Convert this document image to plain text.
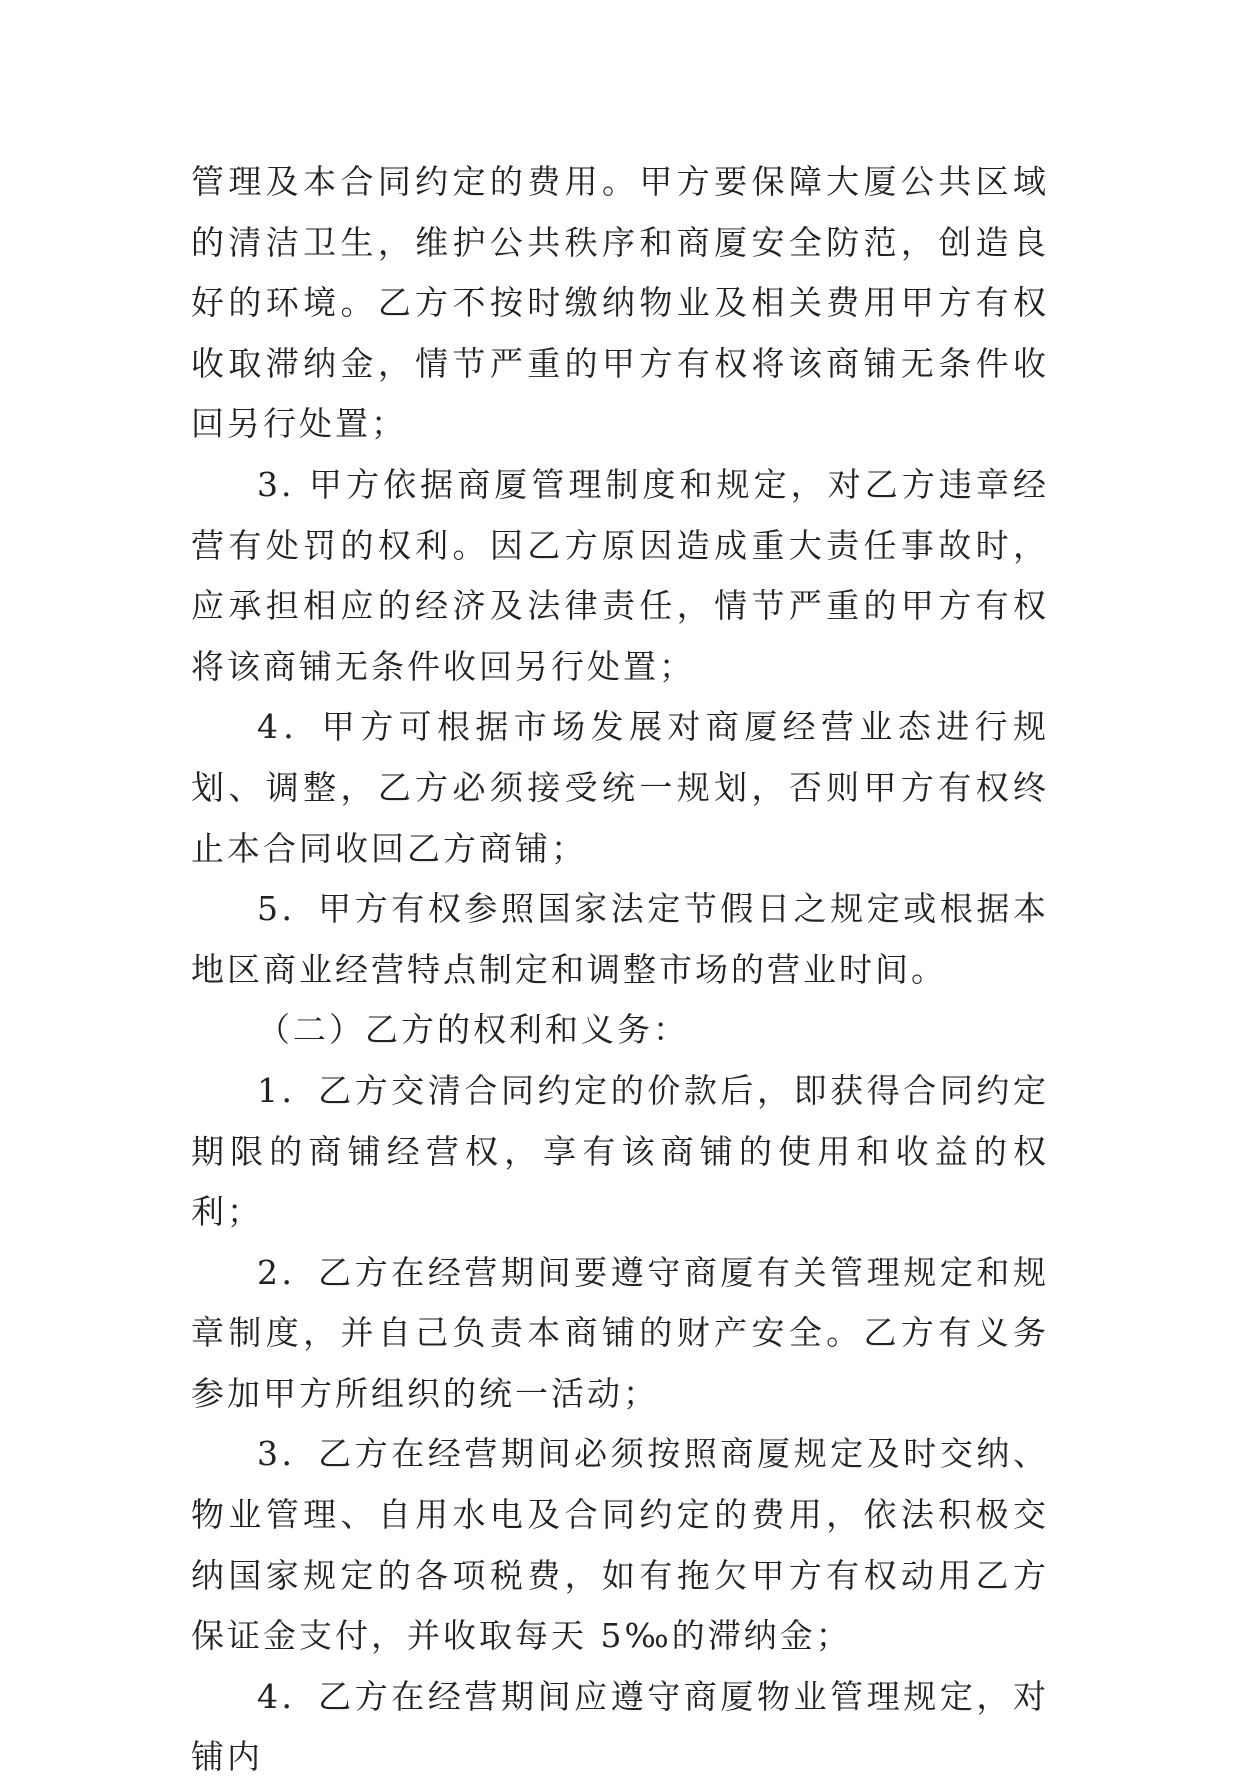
管理及本合同约定的费用。甲方要保障大厦公共区域的清洁卫生，维护公共秩序和商厦安全防范，创造良好的环境。乙方不按时缴纳物业及相关费用甲方有权收取滞纳金，情节严重的甲方有权将该商铺无条件收回另行处置；

3. 甲方依据商厦管理制度和规定，对乙方违章经营有处罚的权利。因乙方原因造成重大责任事故时，应承担相应的经济及法律责任，情节严重的甲方有权将该商铺无条件收回另行处置；

4．甲方可根据市场发展对商厦经营业态进行规划、调整，乙方必须接受统一规划，否则甲方有权终止本合同收回乙方商铺；

5．甲方有权参照国家法定节假日之规定或根据本地区商业经营特点制定和调整市场的营业时间。

（二）乙方的权利和义务：

1．乙方交清合同约定的价款后，即获得合同约定期限的商铺经营权，享有该商铺的使用和收益的权利；

2．乙方在经营期间要遵守商厦有关管理规定和规章制度，并自己负责本商铺的财产安全。乙方有义务参加甲方所组织的统一活动；

3．乙方在经营期间必须按照商厦规定及时交纳、物业管理、自用水电及合同约定的费用，依法积极交纳国家规定的各项税费，如有拖欠甲方有权动用乙方保证金支付，并收取每天 5‰的滞纳金；

4．乙方在经营期间应遵守商厦物业管理规定，对铺内
